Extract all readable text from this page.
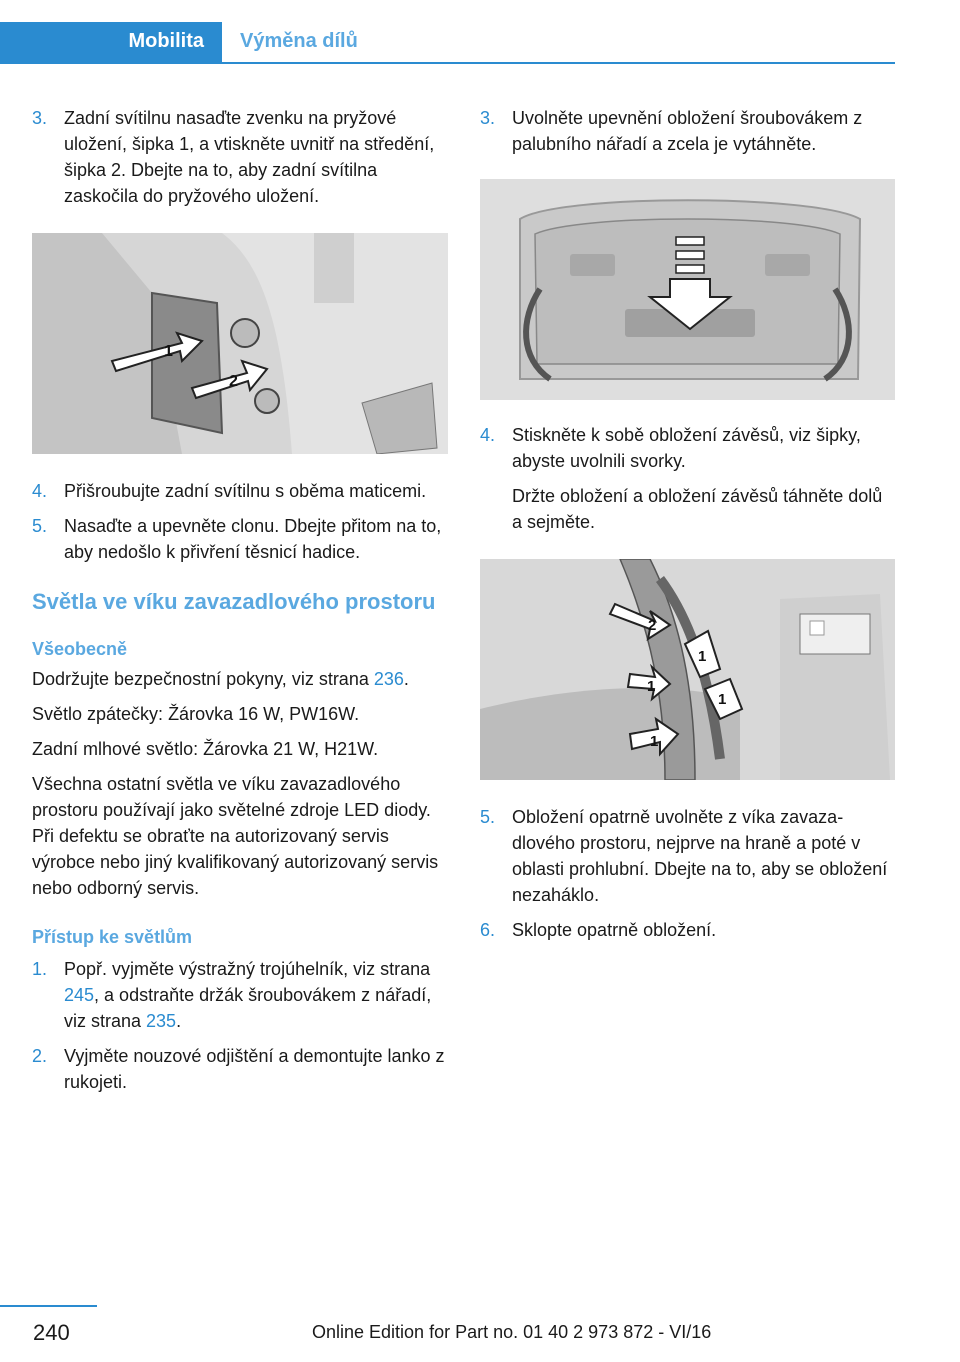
Mobilita Výměna dílů
3. Zadní svítilnu nasaďte zvenku na pryžové uložení, šipka 1, a vtiskněte uvnitř na středění, šipka 2. Dbejte na to, aby zadní svítilna zaskočila do pryžového uložení.
1
2
4. Přišroubujte zadní svítilnu s oběma maticemi.
5. Nasaďte a upevněte clonu. Dbejte přitom na to, aby nedošlo k přivření těsnicí hadice.
Světla ve víku zavazadlového prostoru
Všeobecně
Dodržujte bezpečnostní pokyny, viz strana 236.
Světlo zpátečky: Žárovka 16 W, PW16W.
Zadní mlhové světlo: Žárovka 21 W, H21W.
Všechna ostatní světla ve víku zavazadlového prostoru používají jako světelné zdroje LED diody. Při defektu se obraťte na autorizovaný servis výrobce nebo jiný kvalifikovaný autorizovaný servis nebo odborný servis.
Přístup ke světlům
1. Popř. vyjměte výstražný trojúhelník, viz strana 245, a odstraňte držák šroubovákem z nářadí, viz strana 235.
2. Vyjměte nouzové odjištění a demontujte lanko z rukojeti.
3. Uvolněte upevnění obložení šroubovákem z palubního nářadí a zcela je vytáhněte.
4. Stiskněte k sobě obložení závěsů, viz šipky, abyste uvolnili svorky.
Držte obložení a obložení závěsů táhněte dolů a sejměte.
2
1
1
1
1
5. Obložení opatrně uvolněte z víka zavazadlového prostoru, nejprve na hraně a poté v oblasti prohlubní. Dbejte na to, aby se obložení nezaháklo.
6. Sklopte opatrně obložení.
240	Online Edition for Part no. 01 40 2 973 872 - VI/16
